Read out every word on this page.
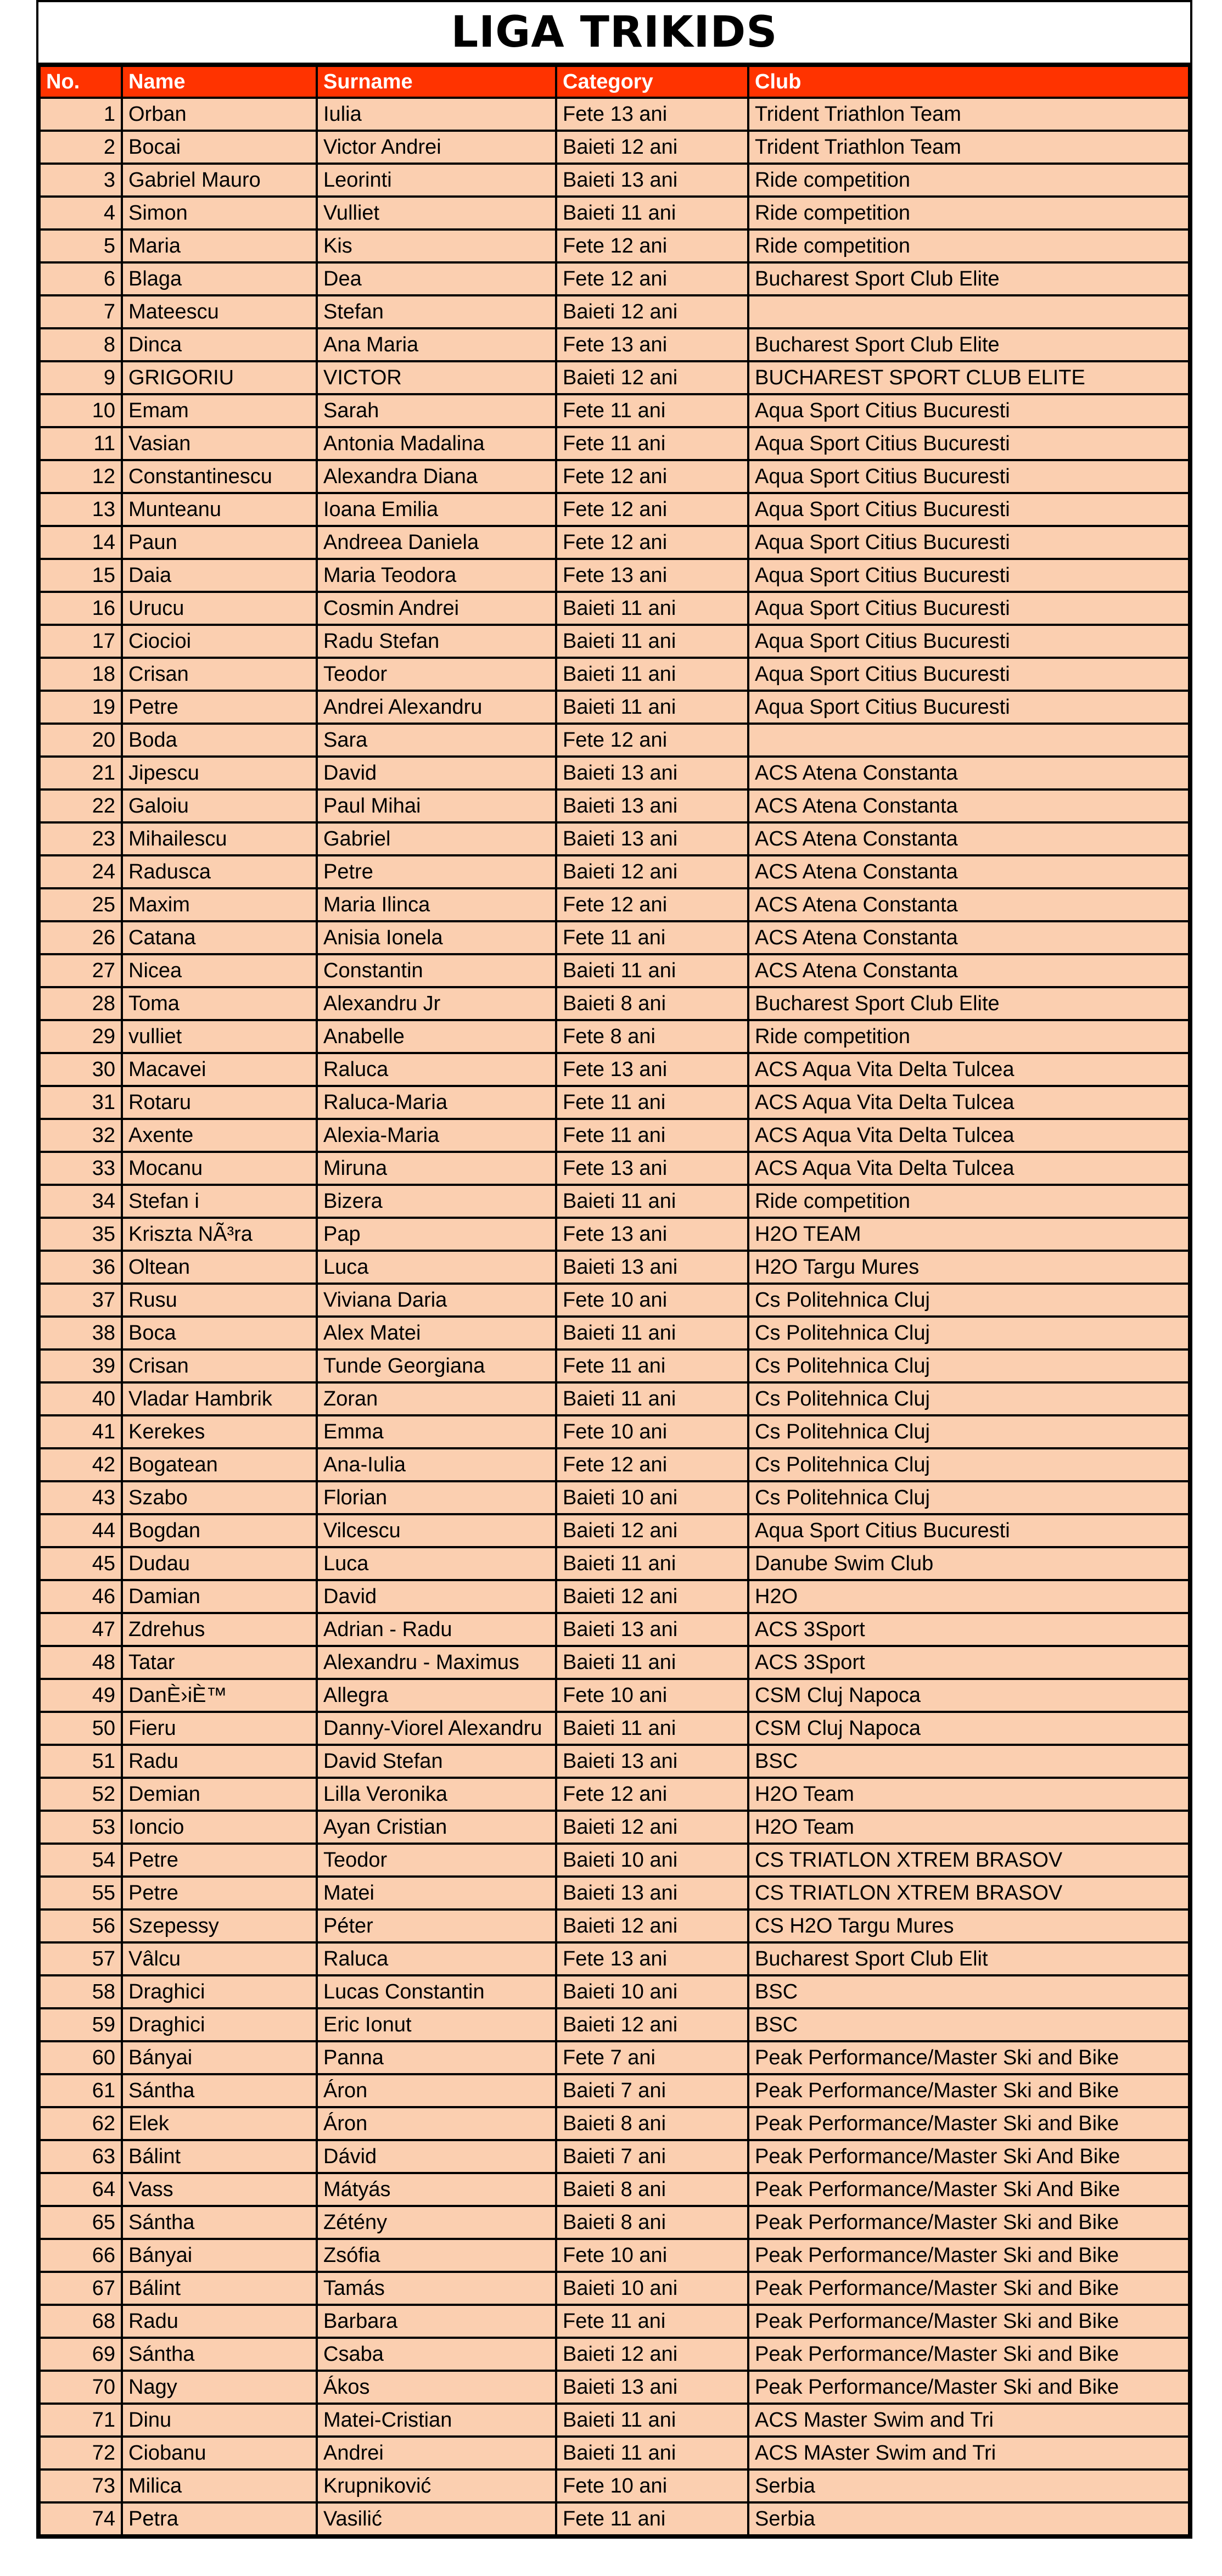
LIGA TRIKIDS
No.	Name	Surname	Category	Club
1	Orban	Iulia	Fete 13 ani	Trident Triathlon Team
2	Bocai	Victor Andrei	Baieti 12 ani	Trident Triathlon Team
3	Gabriel Mauro	Leorinti	Baieti 13 ani	Ride competition
4	Simon	Vulliet	Baieti 11 ani	Ride competition
5	Maria	Kis	Fete 12 ani	Ride competition
6	Blaga	Dea	Fete 12 ani	Bucharest Sport Club Elite
7	Mateescu	Stefan	Baieti 12 ani	
8	Dinca	Ana Maria	Fete 13 ani	Bucharest Sport Club Elite
9	GRIGORIU	VICTOR	Baieti 12 ani	BUCHAREST SPORT CLUB ELITE
10	Emam	Sarah	Fete 11 ani	Aqua Sport Citius Bucuresti
11	Vasian	Antonia Madalina	Fete 11 ani	Aqua Sport Citius Bucuresti
12	Constantinescu	Alexandra Diana	Fete 12 ani	Aqua Sport Citius Bucuresti
13	Munteanu	Ioana Emilia	Fete 12 ani	Aqua Sport Citius Bucuresti
14	Paun	Andreea Daniela	Fete 12 ani	Aqua Sport Citius Bucuresti
15	Daia	Maria Teodora	Fete 13 ani	Aqua Sport Citius Bucuresti
16	Urucu	Cosmin Andrei	Baieti 11 ani	Aqua Sport Citius Bucuresti
17	Ciocioi	Radu Stefan	Baieti 11 ani	Aqua Sport Citius Bucuresti
18	Crisan	Teodor	Baieti 11 ani	Aqua Sport Citius Bucuresti
19	Petre	Andrei Alexandru	Baieti 11 ani	Aqua Sport Citius Bucuresti
20	Boda	Sara	Fete 12 ani	
21	Jipescu	David	Baieti 13 ani	ACS Atena Constanta
22	Galoiu	Paul Mihai	Baieti 13 ani	ACS Atena Constanta
23	Mihailescu	Gabriel	Baieti 13 ani	ACS Atena Constanta
24	Radusca	Petre	Baieti 12 ani	ACS Atena Constanta
25	Maxim	Maria Ilinca	Fete 12 ani	ACS Atena Constanta
26	Catana	Anisia Ionela	Fete 11 ani	ACS Atena Constanta
27	Nicea	Constantin	Baieti 11 ani	ACS Atena Constanta
28	Toma	Alexandru Jr	Baieti 8 ani	Bucharest Sport Club Elite
29	vulliet	Anabelle	Fete 8 ani	Ride competition
30	Macavei	Raluca	Fete 13 ani	ACS Aqua Vita Delta Tulcea
31	Rotaru	Raluca-Maria	Fete 11 ani	ACS Aqua Vita Delta Tulcea
32	Axente	Alexia-Maria	Fete 11 ani	ACS Aqua Vita Delta Tulcea
33	Mocanu	Miruna	Fete 13 ani	ACS Aqua Vita Delta Tulcea
34	Stefan i	Bizera	Baieti 11 ani	Ride competition
35	Kriszta NÃ³ra	Pap	Fete 13 ani	H2O TEAM
36	Oltean	Luca	Baieti 13 ani	H2O Targu Mures
37	Rusu	Viviana Daria	Fete 10 ani	Cs Politehnica Cluj
38	Boca	Alex Matei	Baieti 11 ani	Cs Politehnica Cluj
39	Crisan	Tunde Georgiana	Fete 11 ani	Cs Politehnica Cluj
40	Vladar Hambrik	Zoran	Baieti 11 ani	Cs Politehnica Cluj
41	Kerekes	Emma	Fete 10 ani	Cs Politehnica Cluj
42	Bogatean	Ana-Iulia	Fete 12 ani	Cs Politehnica Cluj
43	Szabo	Florian	Baieti 10 ani	Cs Politehnica Cluj
44	Bogdan	Vilcescu	Baieti 12 ani	Aqua Sport Citius Bucuresti
45	Dudau	Luca	Baieti 11 ani	Danube Swim Club
46	Damian	David	Baieti 12 ani	H2O
47	Zdrehus	Adrian - Radu	Baieti 13 ani	ACS 3Sport
48	Tatar	Alexandru - Maximus	Baieti 11 ani	ACS 3Sport
49	DanÈ›iÈ™	Allegra	Fete 10 ani	CSM Cluj Napoca
50	Fieru	Danny-Viorel Alexandru	Baieti 11 ani	CSM Cluj Napoca
51	Radu	David Stefan	Baieti 13 ani	BSC
52	Demian	Lilla Veronika	Fete 12 ani	H2O Team
53	Ioncio	Ayan Cristian	Baieti 12 ani	H2O Team
54	Petre	Teodor	Baieti 10 ani	CS TRIATLON XTREM BRASOV
55	Petre	Matei	Baieti 13 ani	CS TRIATLON XTREM BRASOV
56	Szepessy	Péter	Baieti 12 ani	CS H2O Targu Mures
57	Vâlcu	Raluca	Fete 13 ani	Bucharest Sport Club Elit
58	Draghici	Lucas Constantin	Baieti 10 ani	BSC
59	Draghici	Eric Ionut	Baieti 12 ani	BSC
60	Bányai	Panna	Fete 7 ani	Peak Performance/Master Ski and Bike
61	Sántha	Áron	Baieti 7 ani	Peak Performance/Master Ski and Bike
62	Elek	Áron	Baieti 8 ani	Peak Performance/Master Ski and Bike
63	Bálint	Dávid	Baieti 7 ani	Peak Performance/Master Ski And Bike
64	Vass	Mátyás	Baieti 8 ani	Peak Performance/Master Ski And Bike
65	Sántha	Zétény	Baieti 8 ani	Peak Performance/Master Ski and Bike
66	Bányai	Zsófia	Fete 10 ani	Peak Performance/Master Ski and Bike
67	Bálint	Tamás	Baieti 10 ani	Peak Performance/Master Ski and Bike
68	Radu	Barbara	Fete 11 ani	Peak Performance/Master Ski and Bike
69	Sántha	Csaba	Baieti 12 ani	Peak Performance/Master Ski and Bike
70	Nagy	Ákos	Baieti 13 ani	Peak Performance/Master Ski and Bike
71	Dinu	Matei-Cristian	Baieti 11 ani	ACS Master Swim and Tri
72	Ciobanu	Andrei	Baieti 11 ani	ACS MAster Swim and Tri
73	Milica	Krupniković	Fete 10 ani	Serbia
74	Petra	Vasilić	Fete 11 ani	Serbia
